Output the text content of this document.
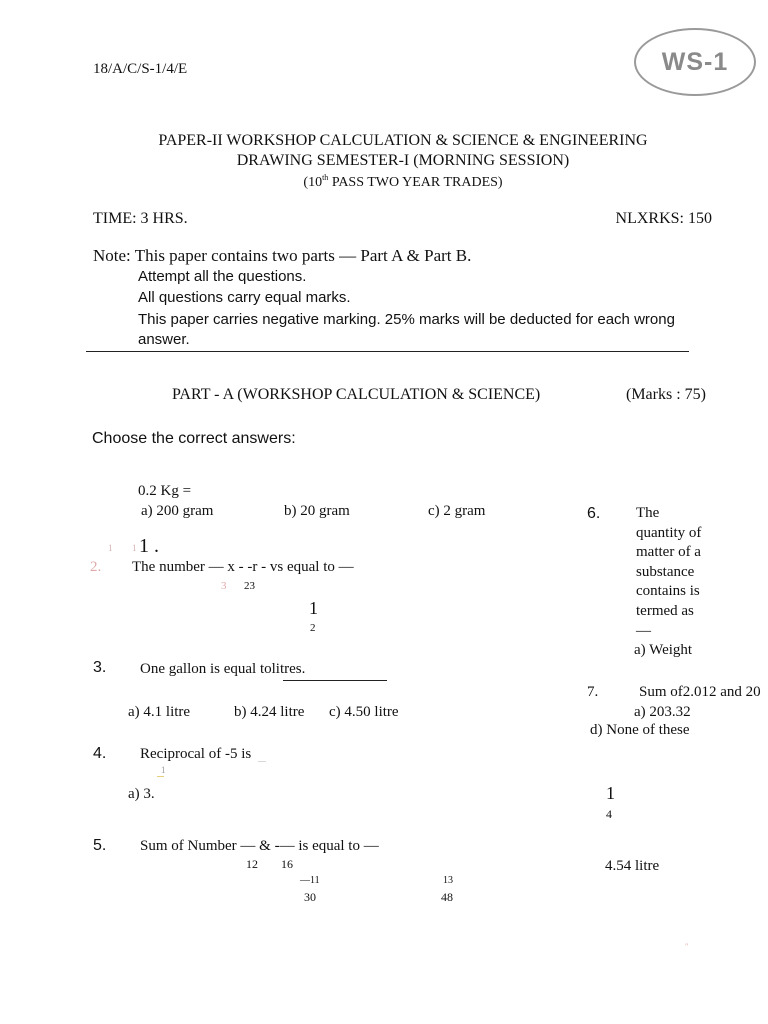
18/A/C/S-1/4/E	WS-1
PAPER-II WORKSHOP CALCULATION & SCIENCE & ENGINEERING
DRAWING SEMESTER-I (MORNING SESSION)
(10th PASS TWO YEAR TRADES)
TIME: 3 HRS.	NLXRKS: 150
Note: This paper contains two parts — Part A & Part B.
Attempt all the questions.
All questions carry equal marks.
This paper carries negative marking. 25% marks will be deducted for each wrong
answer.
PART - A (WORKSHOP CALCULATION & SCIENCE)	(Marks : 75)
Choose the correct answers:
0.2 Kg =
a) 200 gram	b) 20 gram	c) 2 gram
1 1 1 .
2. The number — x - -r - vs equal to —
3 23
1
2
3. One gallon is equal tolitres.
a) 4.1 litre	b) 4.24 litre c) 4.50 litre
4. Reciprocal of -5 is
1
a) 3.
5. Sum of Number — & -— is equal to —
12 16
—11	13
30	48
6. The
quantity of
matter of a
substance
contains is
termed as
—
a) Weight
7.	Sum of2.012 and 20
a) 203.32
d) None of these
1
4
4.54 litre
"
